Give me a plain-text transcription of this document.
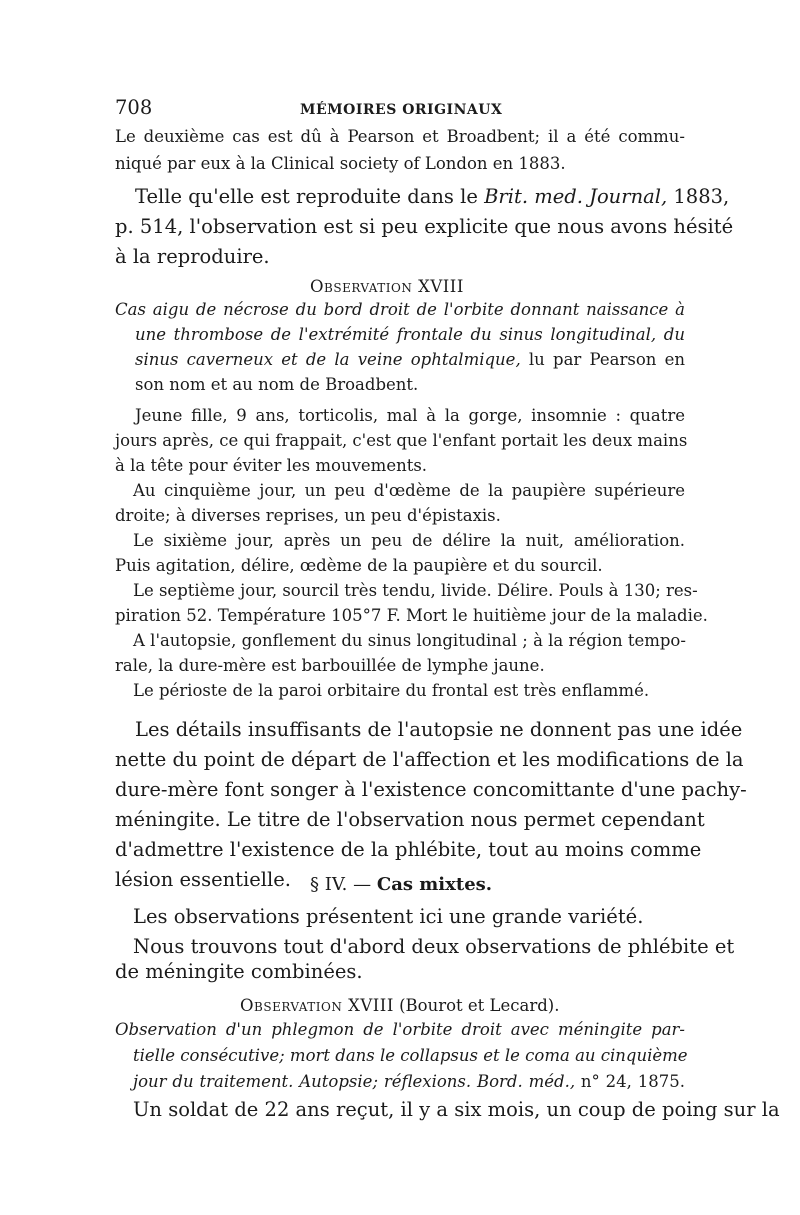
708	MÉMOIRES ORIGINAUX
Le deuxième cas est dû à Pearson et Broadbent; il a été commu-
niqué par eux à la Clinical society of London en 1883.
Telle qu'elle est reproduite dans le Brit. med. Journal, 1883,
p. 514, l'observation est si peu explicite que nous avons hésité
à la reproduire.
Observation XVIII
Cas aigu de nécrose du bord droit de l'orbite donnant naissance à
une thrombose de l'extrémité frontale du sinus longitudinal, du
sinus caverneux et de la veine ophtalmique, lu par Pearson en
son nom et au nom de Broadbent.
Jeune fille, 9 ans, torticolis, mal à la gorge, insomnie : quatre
jours après, ce qui frappait, c'est que l'enfant portait les deux mains
à la tête pour éviter les mouvements.
Au cinquième jour, un peu d'œdème de la paupière supérieure
droite; à diverses reprises, un peu d'épistaxis.
Le sixième jour, après un peu de délire la nuit, amélioration.
Puis agitation, délire, œdème de la paupière et du sourcil.
Le septième jour, sourcil très tendu, livide. Délire. Pouls à 130; res-
piration 52. Température 105°7 F. Mort le huitième jour de la maladie.
A l'autopsie, gonflement du sinus longitudinal ; à la région tempo-
rale, la dure-mère est barbouillée de lymphe jaune.
Le périoste de la paroi orbitaire du frontal est très enflammé.
Les détails insuffisants de l'autopsie ne donnent pas une idée
nette du point de départ de l'affection et les modifications de la
dure-mère font songer à l'existence concomittante d'une pachy-
méningite. Le titre de l'observation nous permet cependant
d'admettre l'existence de la phlébite, tout au moins comme
lésion essentielle. § IV. — Cas mixtes.
Les observations présentent ici une grande variété.
Nous trouvons tout d'abord deux observations de phlébite et
de méningite combinées.
Observation XVIII (Bourot et Lecard).
Observation d'un phlegmon de l'orbite droit avec méningite par-
tielle consécutive; mort dans le collapsus et le coma au cinquième
jour du traitement. Autopsie; réflexions. Bord. méd., n° 24, 1875.
Un soldat de 22 ans reçut, il y a six mois, un coup de poing sur la
